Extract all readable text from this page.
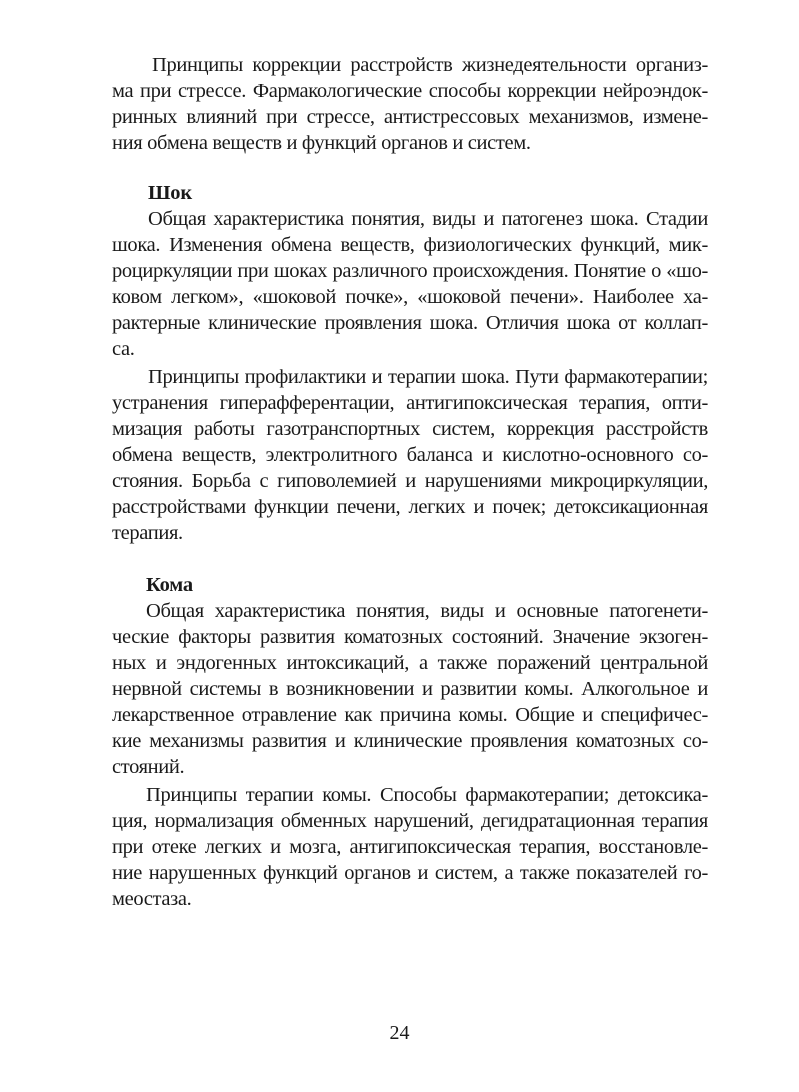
Принципы коррекции расстройств жизнедеятельности организ-
ма при стрессе. Фармакологические способы коррекции нейроэндок-
ринных влияний при стрессе, антистрессовых механизмов, измене-
ния обмена веществ и функций органов и систем.
Шок
Общая характеристика понятия, виды и патогенез шока. Стадии
шока. Изменения обмена веществ, физиологических функций, мик-
роциркуляции при шоках различного происхождения. Понятие о «шо-
ковом легком», «шоковой почке», «шоковой печени». Наиболее ха-
рактерные клинические проявления шока. Отличия шока от коллап-
са.
Принципы профилактики и терапии шока. Пути фармакотерапии;
устранения гиперафферентации, антигипоксическая терапия, опти-
мизация работы газотранспортных систем, коррекция расстройств
обмена веществ, электролитного баланса и кислотно-основного со-
стояния. Борьба с гиповолемией и нарушениями микроциркуляции,
расстройствами функции печени, легких и почек; детоксикационная
терапия.
Кома
Общая характеристика понятия, виды и основные патогенети-
ческие факторы развития коматозных состояний. Значение экзоген-
ных и эндогенных интоксикаций, а также поражений центральной
нервной системы в возникновении и развитии комы. Алкогольное и
лекарственное отравление как причина комы. Общие и специфичес-
кие механизмы развития и клинические проявления коматозных со-
стояний.
Принципы терапии комы. Способы фармакотерапии; детоксика-
ция, нормализация обменных нарушений, дегидратационная терапия
при отеке легких и мозга, антигипоксическая терапия, восстановле-
ние нарушенных функций органов и систем, а также показателей го-
меостаза.
24
